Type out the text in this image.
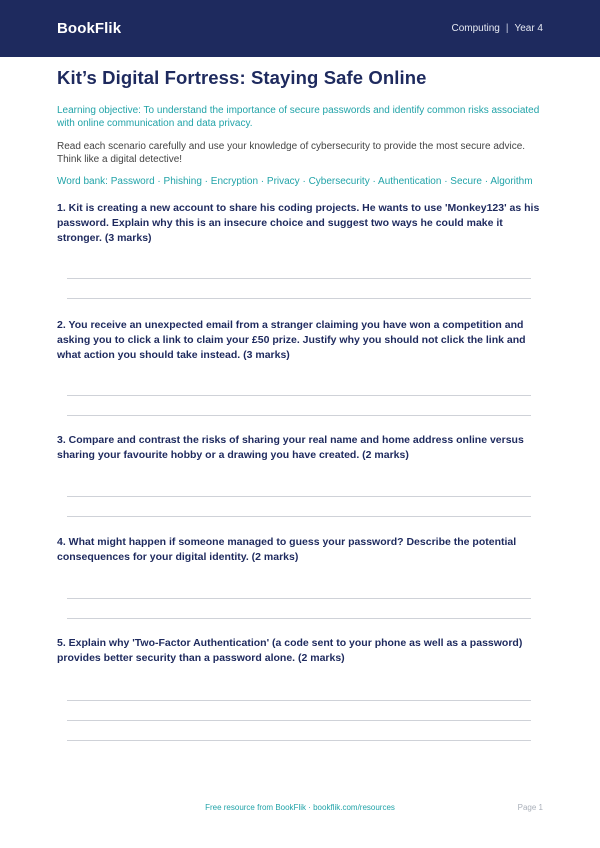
BookFlik	Computing | Year 4
Kit’s Digital Fortress: Staying Safe Online

Learning objective: To understand the importance of secure passwords and identify common risks associated with online communication and data privacy.

Read each scenario carefully and use your knowledge of cybersecurity to provide the most secure advice. Think like a digital detective!

Word bank: Password · Phishing · Encryption · Privacy · Cybersecurity · Authentication · Secure · Algorithm

1. Kit is creating a new account to share his coding projects. He wants to use 'Monkey123' as his password. Explain why this is an insecure choice and suggest two ways he could make it stronger. (3 marks)

2. You receive an unexpected email from a stranger claiming you have won a competition and asking you to click a link to claim your £50 prize. Justify why you should not click the link and what action you should take instead. (3 marks)

3. Compare and contrast the risks of sharing your real name and home address online versus sharing your favourite hobby or a drawing you have created. (2 marks)

4. What might happen if someone managed to guess your password? Describe the potential consequences for your digital identity. (2 marks)

5. Explain why 'Two-Factor Authentication' (a code sent to your phone as well as a password) provides better security than a password alone. (2 marks)

Free resource from BookFlik · bookflik.com/resources	Page 1
